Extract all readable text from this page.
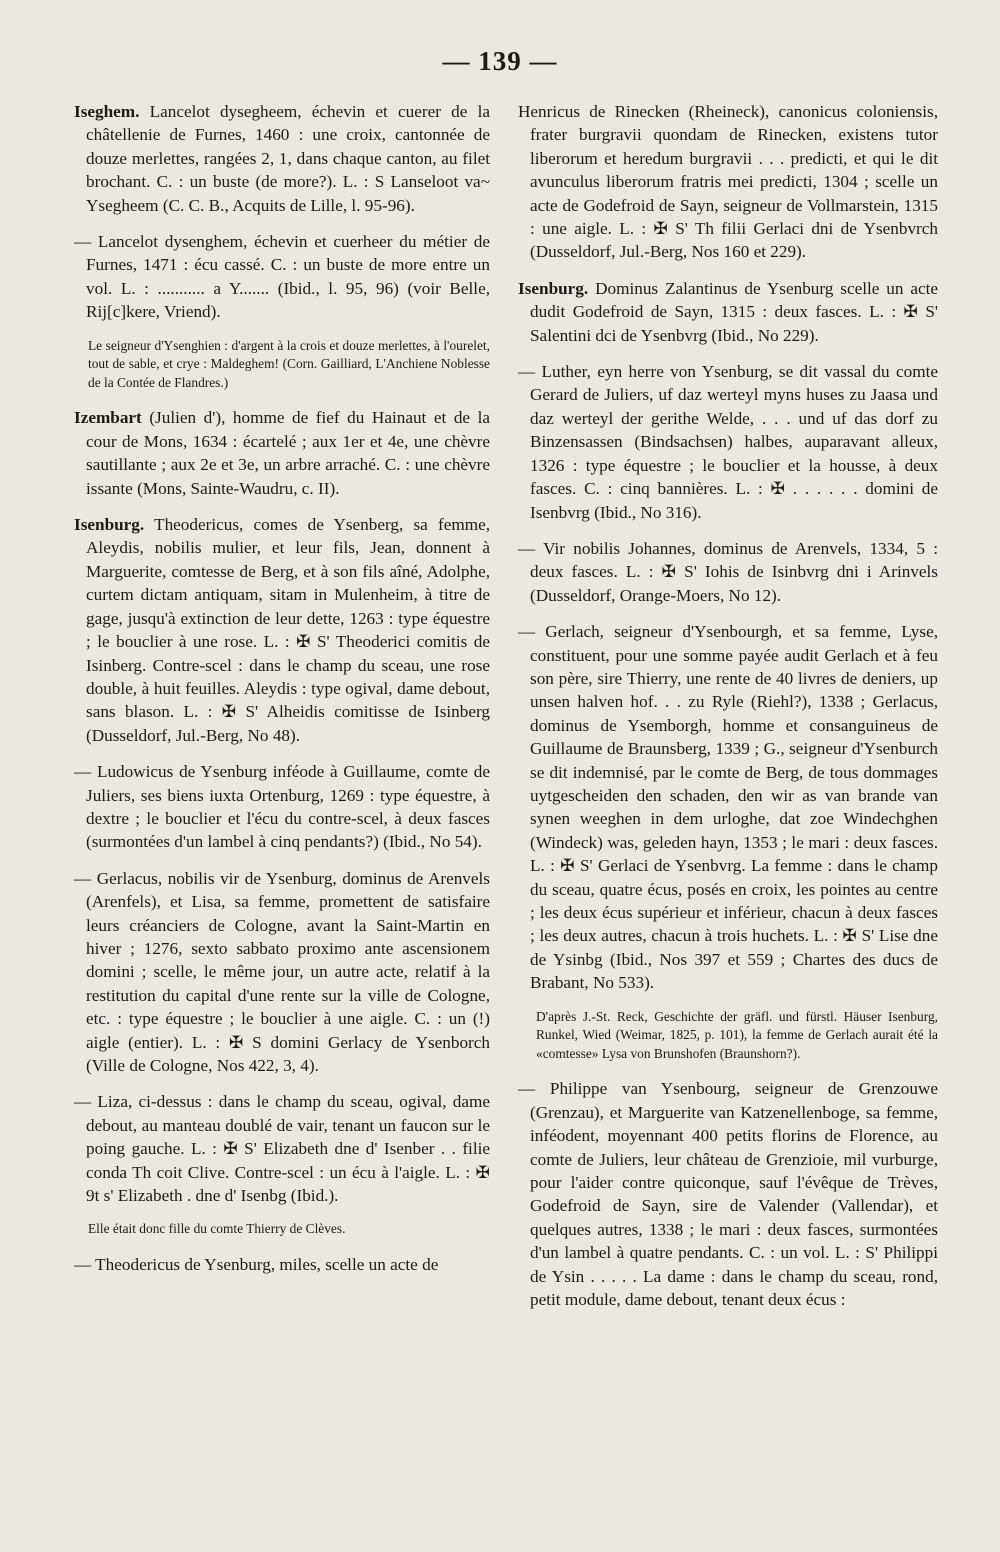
— 139 —

Iseghem. Lancelot dysegheem, échevin et cuerer de la châtellenie de Furnes, 1460 : une croix, cantonnée de douze merlettes, rangées 2, 1, dans chaque canton, au filet brochant. C. : un buste (de more?). L. : S Lanseloot va~ Ysegheem (C. C. B., Acquits de Lille, l. 95-96).

— Lancelot dysenghem, échevin et cuerheer du métier de Furnes, 1471 : écu cassé. C. : un buste de more entre un vol. L. : ........... a Y....... (Ibid., l. 95, 96) (voir Belle, Rij[c]kere, Vriend).

Le seigneur d'Ysenghien : d'argent à la crois et douze merlettes, à l'ourelet, tout de sable, et crye : Maldeghem! (Corn. Gailliard, L'Anchiene Noblesse de la Contée de Flandres.)

Izembart (Julien d'), homme de fief du Hainaut et de la cour de Mons, 1634 : écartelé ; aux 1er et 4e, une chèvre sautillante ; aux 2e et 3e, un arbre arraché. C. : une chèvre issante (Mons, Sainte-Waudru, c. II).

Isenburg. Theodericus, comes de Ysenberg, sa femme, Aleydis, nobilis mulier, et leur fils, Jean, donnent à Marguerite, comtesse de Berg, et à son fils aîné, Adolphe, curtem dictam antiquam, sitam in Mulenheim, à titre de gage, jusqu'à extinction de leur dette, 1263 : type équestre ; le bouclier à une rose. L. : ✠ S' Theoderici comitis de Isinberg. Contre-scel : dans le champ du sceau, une rose double, à huit feuilles. Aleydis : type ogival, dame debout, sans blason. L. : ✠ S' Alheidis comitisse de Isinberg (Dusseldorf, Jul.-Berg, No 48).

— Ludowicus de Ysenburg inféode à Guillaume, comte de Juliers, ses biens iuxta Ortenburg, 1269 : type équestre, à dextre ; le bouclier et l'écu du contre-scel, à deux fasces (surmontées d'un lambel à cinq pendants?) (Ibid., No 54).

— Gerlacus, nobilis vir de Ysenburg, dominus de Arenvels (Arenfels), et Lisa, sa femme, promettent de satisfaire leurs créanciers de Cologne, avant la Saint-Martin en hiver ; 1276, sexto sabbato proximo ante ascensionem domini ; scelle, le même jour, un autre acte, relatif à la restitution du capital d'une rente sur la ville de Cologne, etc. : type équestre ; le bouclier à une aigle. C. : un (!) aigle (entier). L. : ✠ S domini Gerlacy de Ysenborch (Ville de Cologne, Nos 422, 3, 4).

— Liza, ci-dessus : dans le champ du sceau, ogival, dame debout, au manteau doublé de vair, tenant un faucon sur le poing gauche. L. : ✠ S' Elizabeth dne d' Isenber . . filie conda Th coit Clive. Contre-scel : un écu à l'aigle. L. : ✠ 9t s' Elizabeth . dne d' Isenbg (Ibid.).

Elle était donc fille du comte Thierry de Clèves.

— Theodericus de Ysenburg, miles, scelle un acte de

Henricus de Rinecken (Rheineck), canonicus coloniensis, frater burgravii quondam de Rinecken, existens tutor liberorum et heredum burgravii . . . predicti, et qui le dit avunculus liberorum fratris mei predicti, 1304 ; scelle un acte de Godefroid de Sayn, seigneur de Vollmarstein, 1315 : une aigle. L. : ✠ S' Th filii Gerlaci dni de Ysenbvrch (Dusseldorf, Jul.-Berg, Nos 160 et 229).

Isenburg. Dominus Zalantinus de Ysenburg scelle un acte dudit Godefroid de Sayn, 1315 : deux fasces. L. : ✠ S' Salentini dci de Ysenbvrg (Ibid., No 229).

— Luther, eyn herre von Ysenburg, se dit vassal du comte Gerard de Juliers, uf daz werteyl myns huses zu Jaasa und daz werteyl der gerithe Welde, . . . und uf das dorf zu Binzensassen (Bindsachsen) halbes, auparavant alleux, 1326 : type équestre ; le bouclier et la housse, à deux fasces. C. : cinq bannières. L. : ✠ . . . . . . domini de Isenbvrg (Ibid., No 316).

— Vir nobilis Johannes, dominus de Arenvels, 1334, 5 : deux fasces. L. : ✠ S' Iohis de Isinbvrg dni i Arinvels (Dusseldorf, Orange-Moers, No 12).

— Gerlach, seigneur d'Ysenbourgh, et sa femme, Lyse, constituent, pour une somme payée audit Gerlach et à feu son père, sire Thierry, une rente de 40 livres de deniers, up unsen halven hof. . . zu Ryle (Riehl?), 1338 ; Gerlacus, dominus de Ysemborgh, homme et consanguineus de Guillaume de Braunsberg, 1339 ; G., seigneur d'Ysenburch se dit indemnisé, par le comte de Berg, de tous dommages uytgescheiden den schaden, den wir as van brande van synen weeghen in dem urloghe, dat zoe Windechghen (Windeck) was, geleden hayn, 1353 ; le mari : deux fasces. L. : ✠ S' Gerlaci de Ysenbvrg. La femme : dans le champ du sceau, quatre écus, posés en croix, les pointes au centre ; les deux écus supérieur et inférieur, chacun à deux fasces ; les deux autres, chacun à trois huchets. L. : ✠ S' Lise dne de Ysinbg (Ibid., Nos 397 et 559 ; Chartes des ducs de Brabant, No 533).

D'après J.-St. Reck, Geschichte der gräfl. und fürstl. Häuser Isenburg, Runkel, Wied (Weimar, 1825, p. 101), la femme de Gerlach aurait été la «comtesse» Lysa von Brunshofen (Braunshorn?).

— Philippe van Ysenbourg, seigneur de Grenzouwe (Grenzau), et Marguerite van Katzenellenboge, sa femme, inféodent, moyennant 400 petits florins de Florence, au comte de Juliers, leur château de Grenzioie, mil vurburge, pour l'aider contre quiconque, sauf l'évêque de Trèves, Godefroid de Sayn, sire de Valender (Vallendar), et quelques autres, 1338 ; le mari : deux fasces, surmontées d'un lambel à quatre pendants. C. : un vol. L. : S' Philippi de Ysin . . . . . La dame : dans le champ du sceau, rond, petit module, dame debout, tenant deux écus :
